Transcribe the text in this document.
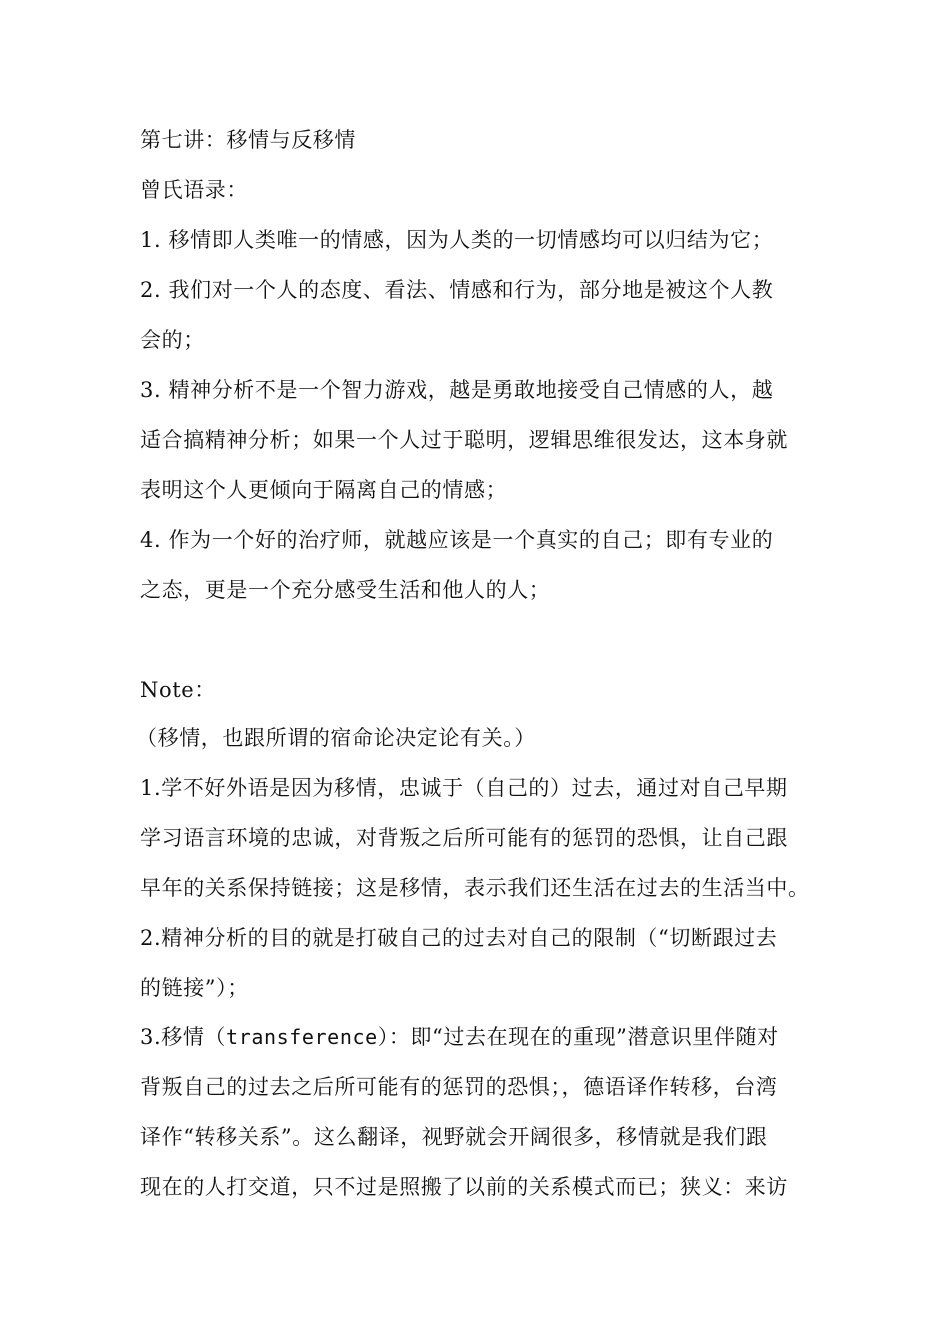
第七讲：移情与反移情
曾氏语录：
1. 移情即人类唯一的情感，因为人类的一切情感均可以归结为它；
2. 我们对一个人的态度、看法、情感和行为，部分地是被这个人教
会的；
3. 精神分析不是一个智力游戏，越是勇敢地接受自己情感的人，越
适合搞精神分析；如果一个人过于聪明，逻辑思维很发达，这本身就
表明这个人更倾向于隔离自己的情感；
4. 作为一个好的治疗师，就越应该是一个真实的自己；即有专业的
之态，更是一个充分感受生活和他人的人；
Note：
（移情，也跟所谓的宿命论决定论有关。）
1.学不好外语是因为移情，忠诚于（自己的）过去，通过对自己早期
学习语言环境的忠诚，对背叛之后所可能有的惩罚的恐惧，让自己跟
早年的关系保持链接；这是移情，表示我们还生活在过去的生活当中。
2.精神分析的目的就是打破自己的过去对自己的限制（“切断跟过去
的链接”）；
3.移情（transference）：即“过去在现在的重现”潜意识里伴随对
背叛自己的过去之后所可能有的惩罚的恐惧；，德语译作转移，台湾
译作“转移关系”。这么翻译，视野就会开阔很多，移情就是我们跟
现在的人打交道，只不过是照搬了以前的关系模式而已；狭义：来访
